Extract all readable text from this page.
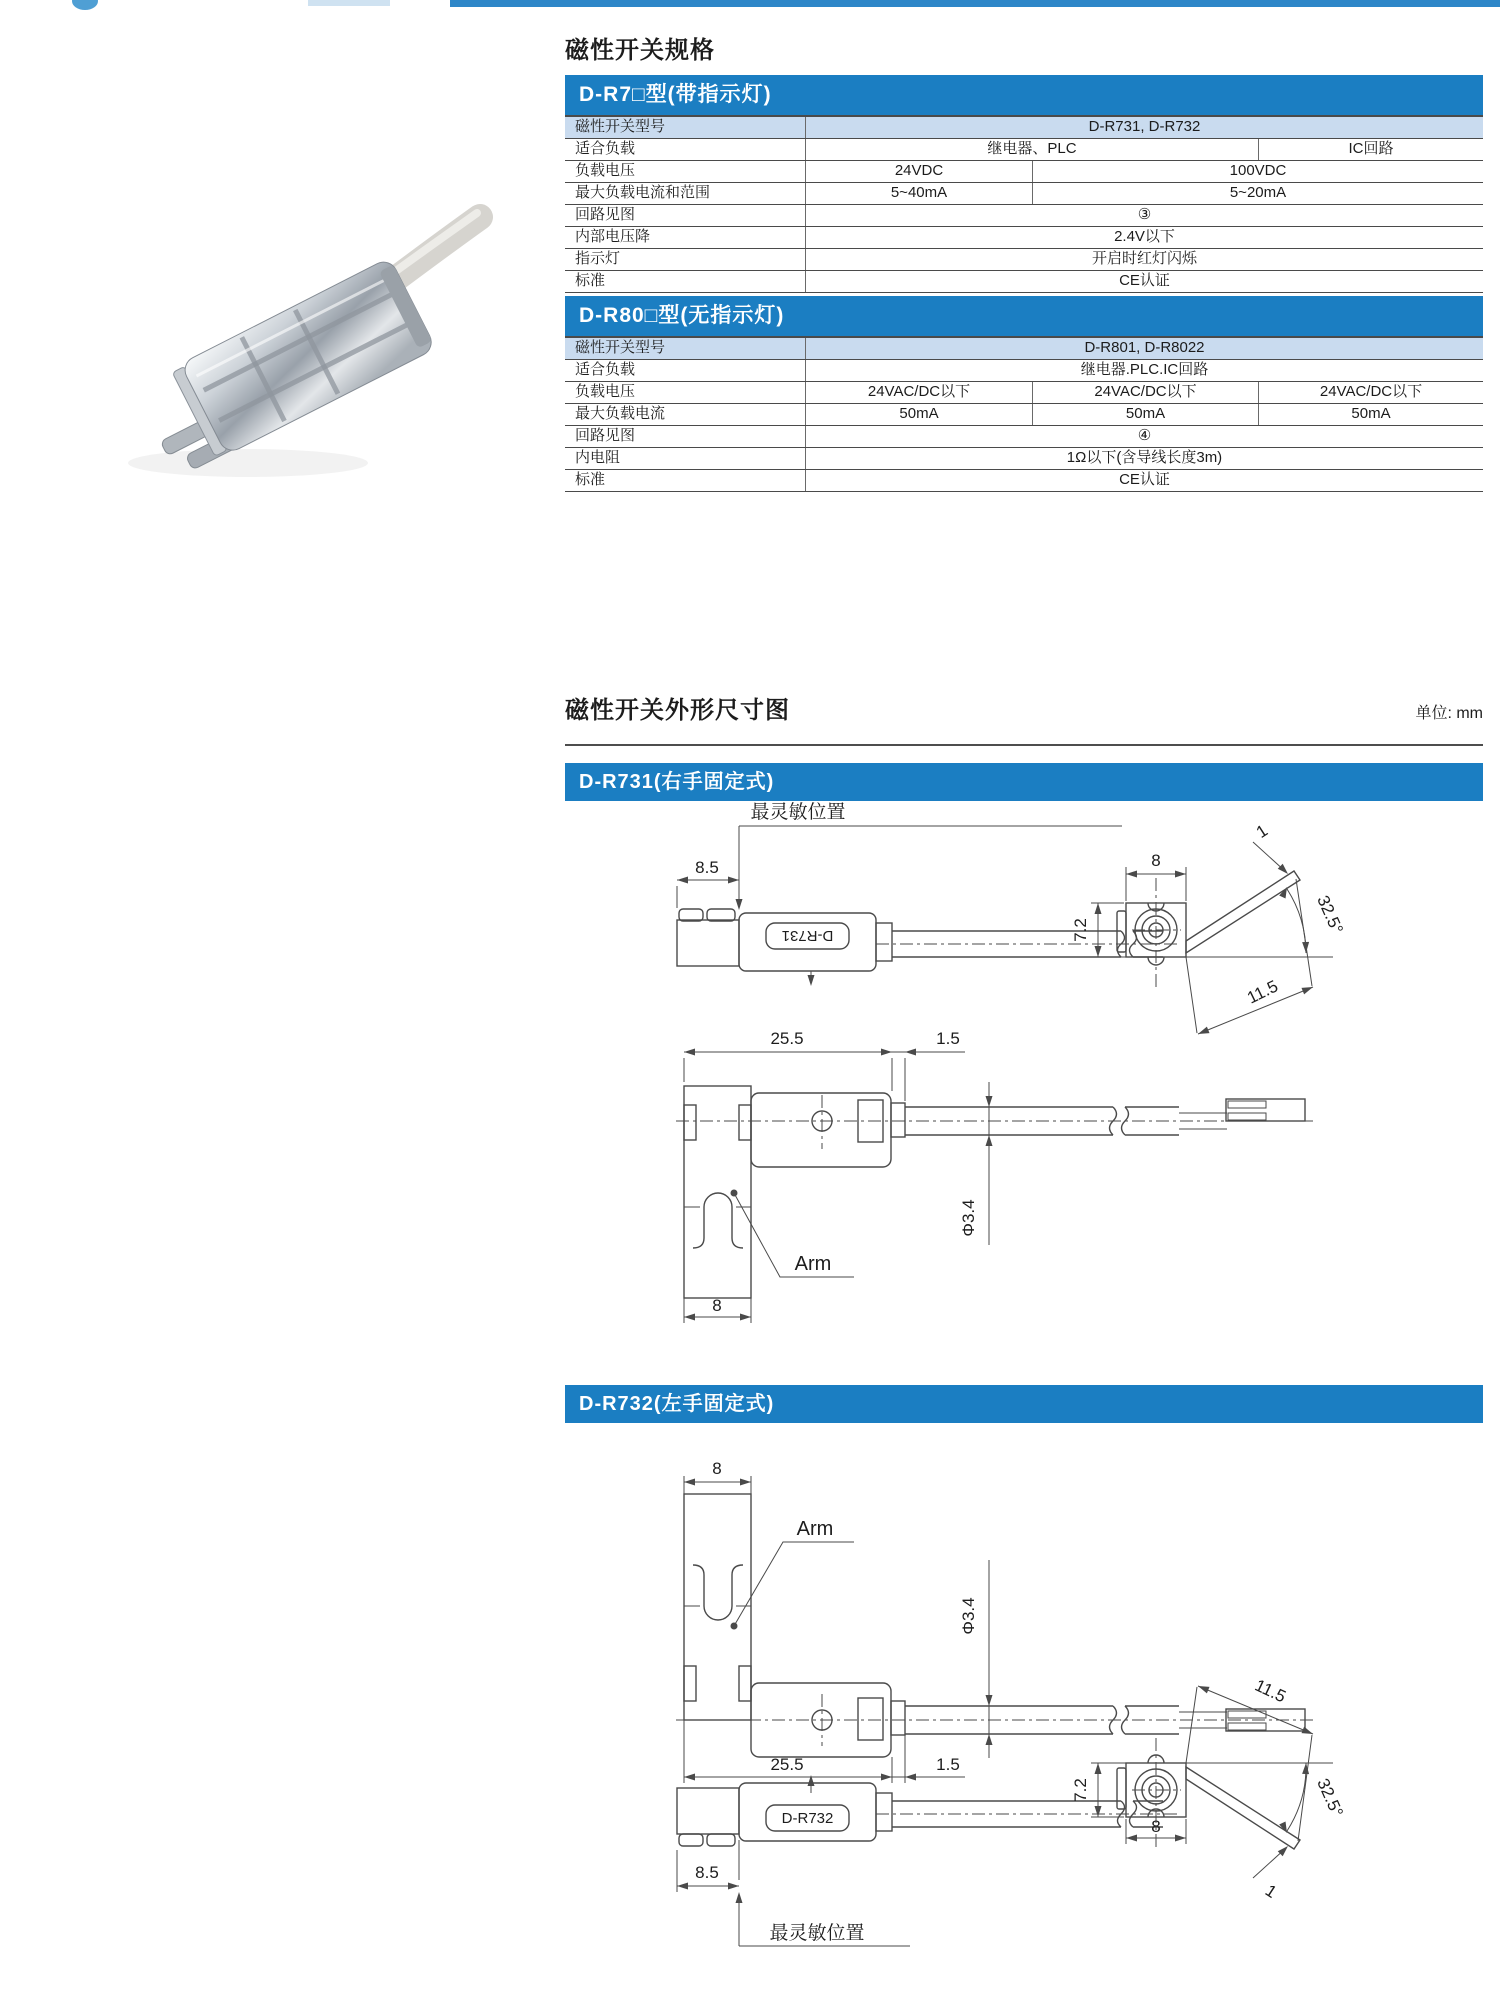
磁性开关规格
D-R7□型(带指示灯)
磁性开关型号	D-R731, D-R732
适合负载	继电器、PLC	IC回路
负载电压	24VDC	100VDC
最大负载电流和范围	5~40mA	5~20mA
回路见图	③
内部电压降	2.4V以下
指示灯	开启时红灯闪烁
标准	CE认证
D-R80□型(无指示灯)
磁性开关型号	D-R801, D-R8022
适合负载	继电器.PLC.IC回路
负载电压	24VAC/DC以下	24VAC/DC以下	24VAC/DC以下
最大负载电流	50mA	50mA	50mA
回路见图	④
内电阻	1Ω以下(含导线长度3m)
标准	CE认证
磁性开关外形尺寸图	单位: mm
D-R731(右手固定式)
最灵敏位置
8.5
D-R731
8
7.2
1
32.5°
11.5
25.5	1.5
Arm
Φ3.4
8
D-R732(左手固定式)
8
Arm
Φ3.4
25.5	1.5
D-R732
8.5
最灵敏位置
8
7.2
1
32.5°
11.5
